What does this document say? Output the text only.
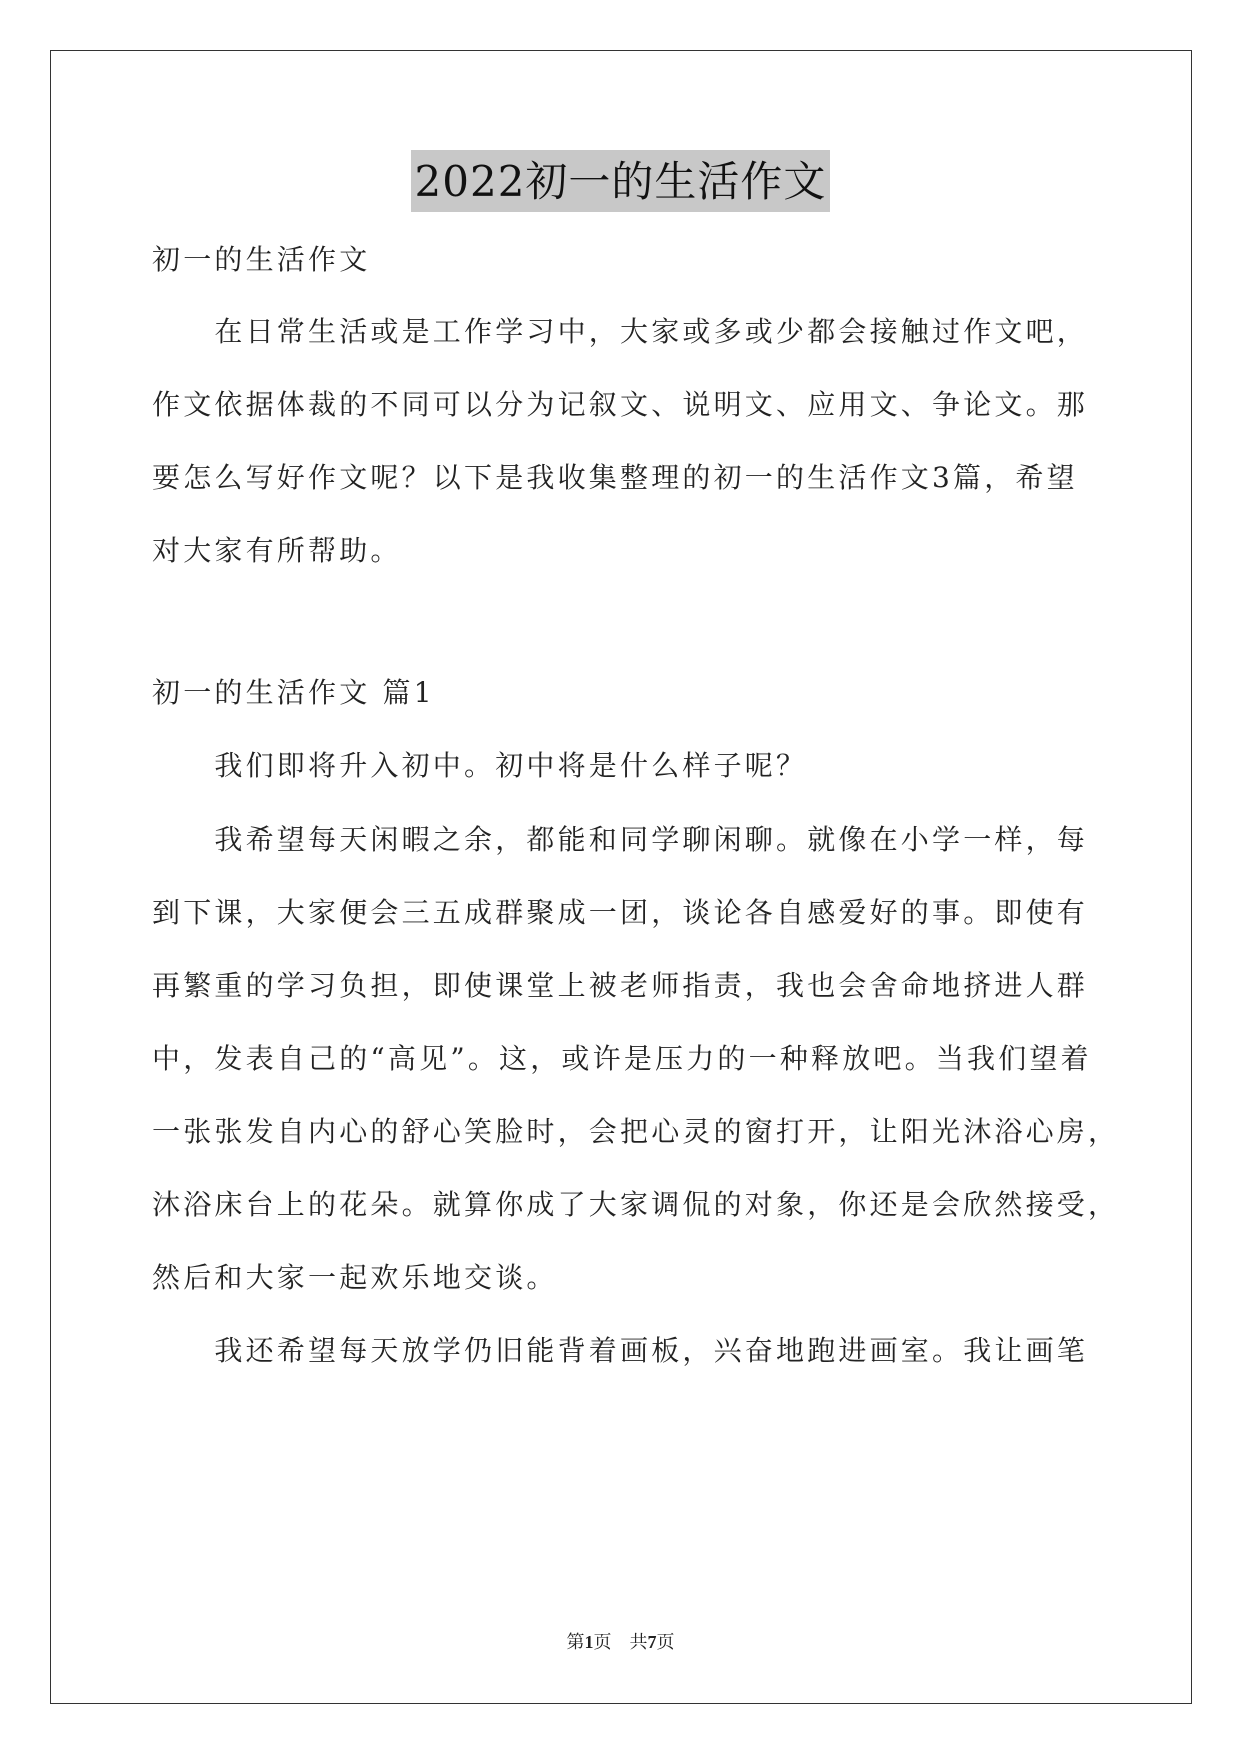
2022初一的生活作文
初一的生活作文
　　在日常生活或是工作学习中，大家或多或少都会接触过作文吧，
作文依据体裁的不同可以分为记叙文、说明文、应用文、争论文。那
要怎么写好作文呢？以下是我收集整理的初一的生活作文3篇，希望
对大家有所帮助。
初一的生活作文 篇1
　　我们即将升入初中。初中将是什么样子呢？
　　我希望每天闲暇之余，都能和同学聊闲聊。就像在小学一样，每
到下课，大家便会三五成群聚成一团，谈论各自感爱好的事。即使有
再繁重的学习负担，即使课堂上被老师指责，我也会舍命地挤进人群
中，发表自己的“高见”。这，或许是压力的一种释放吧。当我们望着
一张张发自内心的舒心笑脸时，会把心灵的窗打开，让阳光沐浴心房，
沐浴床台上的花朵。就算你成了大家调侃的对象，你还是会欣然接受，
然后和大家一起欢乐地交谈。
　　我还希望每天放学仍旧能背着画板，兴奋地跑进画室。我让画笔
第1页 共7页
